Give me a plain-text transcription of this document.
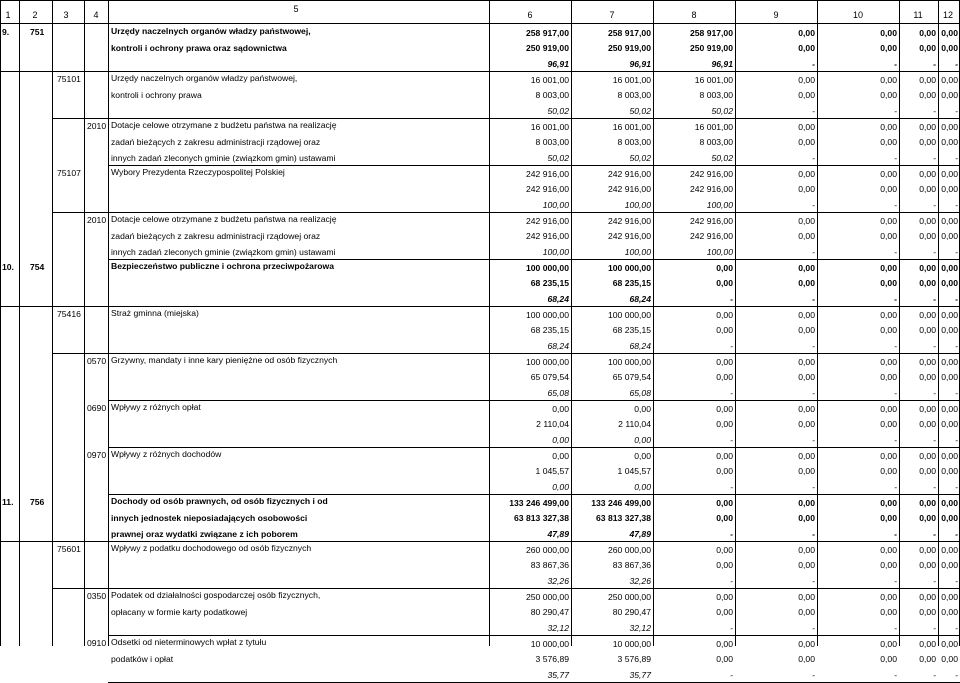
1	2	3	4
5
6	7	8	9	10	11	12
9. 751	Urzędy naczelnych organów władzy państwowej,
kontroli i ochrony prawa oraz sądownictwa
258 917,00	258 917,00	258 917,00	0,00	0,00	0,00 0,00
250 919,00	250 919,00	250 919,00	0,00	0,00	0,00 0,00
96,91	96,91	96,91	-	-	-	-
75101	Urzędy naczelnych organów władzy państwowej,
kontroli i ochrony prawa
16 001,00	16 001,00	16 001,00	0,00	0,00	0,00 0,00
8 003,00	8 003,00	8 003,00	0,00	0,00	0,00 0,00
50,02	50,02	50,02	-	-	-	-
2010 Dotacje celowe otrzymane z budżetu państwa na realizację
zadań bieżących z zakresu administracji rządowej oraz
innych zadań zleconych gminie (związkom gmin) ustawami
16 001,00	16 001,00	16 001,00	0,00	0,00	0,00 0,00
8 003,00	8 003,00	8 003,00	0,00	0,00	0,00 0,00
50,02	50,02	50,02	-	-	-	-
75107	Wybory Prezydenta Rzeczypospolitej Polskiej	242 916,00	242 916,00	242 916,00	0,00	0,00	0,00 0,00
242 916,00	242 916,00	242 916,00	0,00	0,00	0,00 0,00
100,00	100,00	100,00	-	-	-	-
2010 Dotacje celowe otrzymane z budżetu państwa na realizację
zadań bieżących z zakresu administracji rządowej oraz
innych zadań zleconych gminie (związkom gmin) ustawami
242 916,00	242 916,00	242 916,00	0,00	0,00	0,00 0,00
242 916,00	242 916,00	242 916,00	0,00	0,00	0,00 0,00
100,00	100,00	100,00	-	-	-	-
10. 754	Bezpieczeństwo publiczne i ochrona przeciwpożarowa	100 000,00	100 000,00	0,00	0,00	0,00	0,00 0,00
68 235,15	68 235,15	0,00	0,00	0,00	0,00 0,00
68,24	68,24	-	-	-	-	-
75416	Straż gminna (miejska)	100 000,00	100 000,00	0,00	0,00	0,00	0,00 0,00
68 235,15	68 235,15	0,00	0,00	0,00	0,00 0,00
68,24	68,24	-	-	-	-	-
0570 Grzywny, mandaty i inne kary pieniężne od osób fizycznych	100 000,00	100 000,00	0,00	0,00	0,00	0,00 0,00
65 079,54	65 079,54	0,00	0,00	0,00	0,00 0,00
65,08	65,08	-	-	-	-	-
0690 Wpływy z różnych opłat	0,00	0,00	0,00	0,00	0,00	0,00 0,00
2 110,04	2 110,04	0,00	0,00	0,00	0,00 0,00
0,00	0,00	-	-	-	-	-
0970 Wpływy z różnych dochodów	0,00	0,00	0,00	0,00	0,00	0,00 0,00
1 045,57	1 045,57	0,00	0,00	0,00	0,00 0,00
0,00	0,00	-	-	-	-	-
11. 756	Dochody od osób prawnych, od osób fizycznych i od
innych jednostek nieposiadających osobowości
prawnej oraz wydatki związane z ich poborem
133 246 499,00	133 246 499,00	0,00	0,00	0,00	0,00 0,00
63 813 327,38	63 813 327,38	0,00	0,00	0,00	0,00 0,00
47,89	47,89	-	-	-	-	-
75601	Wpływy z podatku dochodowego od osób fizycznych	260 000,00	260 000,00	0,00	0,00	0,00	0,00 0,00
83 867,36	83 867,36	0,00	0,00	0,00	0,00 0,00
32,26	32,26	-	-	-	-	-
0350 Podatek od działalności gospodarczej osób fizycznych,
opłacany w formie karty podatkowej
250 000,00	250 000,00	0,00	0,00	0,00	0,00 0,00
80 290,47	80 290,47	0,00	0,00	0,00	0,00 0,00
32,12	32,12	-	-	-	-	-
0910 Odsetki od nieterminowych wpłat z tytułu
podatków i opłat
10 000,00	10 000,00	0,00	0,00	0,00	0,00 0,00
3 576,89	3 576,89	0,00	0,00	0,00	0,00 0,00
35,77	35,77	-	-	-	-	-
